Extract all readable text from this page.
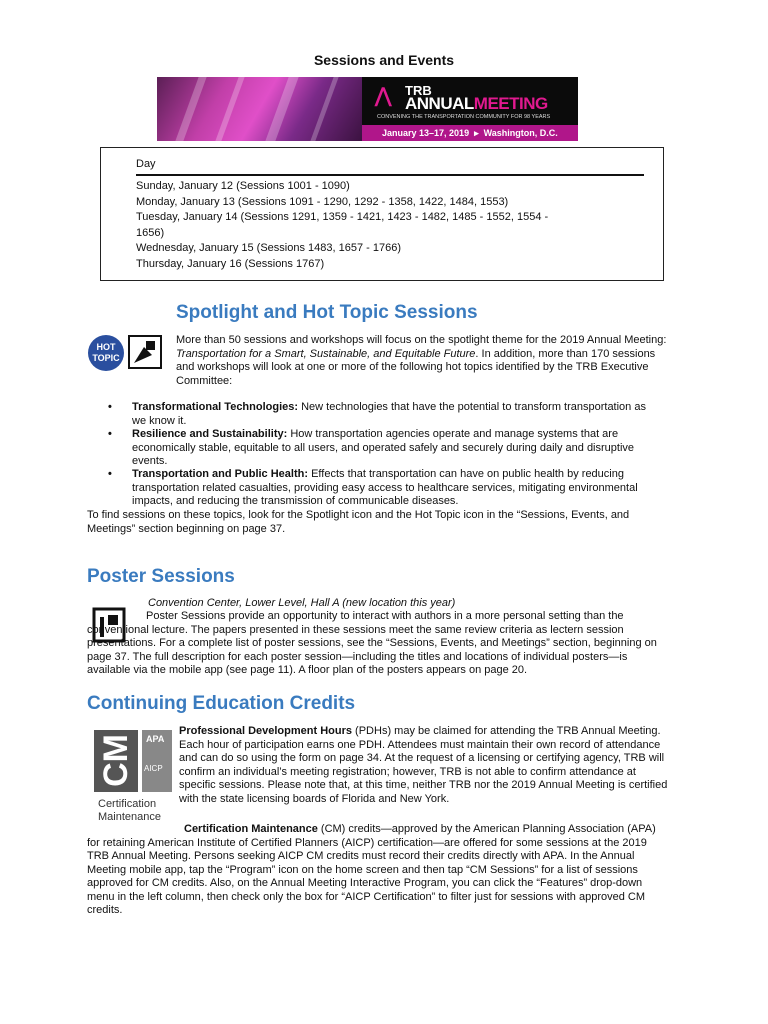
Sessions and Events
⋀ TRB
ANNUALMEETING
CONVENING THE TRANSPORTATION COMMUNITY FOR 98 YEARS
January 13–17, 2019 ▸ Washington, D.C.
Day
Sunday, January 12 (Sessions 1001 - 1090)
Monday, January 13 (Sessions 1091 - 1290, 1292 - 1358, 1422, 1484, 1553)
Tuesday, January 14 (Sessions 1291, 1359 - 1421, 1423 - 1482, 1485 - 1552, 1554 - 1656)
Wednesday, January 15 (Sessions 1483, 1657 - 1766)
Thursday, January 16 (Sessions 1767)
Spotlight and Hot Topic Sessions
HOT TOPIC
More than 50 sessions and workshops will focus on the spotlight theme for the 2019 Annual Meeting: Transportation for a Smart, Sustainable, and Equitable Future. In addition, more than 170 sessions and workshops will look at one or more of the following hot topics identified by the TRB Executive Committee:
• Transformational Technologies: New technologies that have the potential to transform transportation as we know it.
• Resilience and Sustainability: How transportation agencies operate and manage systems that are economically stable, equitable to all users, and operated safely and securely during daily and disruptive events.
• Transportation and Public Health: Effects that transportation can have on public health by reducing transportation related casualties, providing easy access to healthcare services, mitigating environmental impacts, and reducing the transmission of communicable diseases.
To find sessions on these topics, look for the Spotlight icon and the Hot Topic icon in the “Sessions, Events, and Meetings” section beginning on page 37.
Poster Sessions
Convention Center, Lower Level, Hall A (new location this year)
Poster Sessions provide an opportunity to interact with authors in a more personal setting than the conventional lecture. The papers presented in these sessions meet the same review criteria as lectern session presentations. For a complete list of poster sessions, see the “Sessions, Events, and Meetings” section, beginning on page 37. The full description for each poster session—including the titles and locations of individual posters—is available via the mobile app (see page 11). A floor plan of the posters appears on page 20.
Continuing Education Credits
CM APA
AICP
Certification
Maintenance
Professional Development Hours (PDHs) may be claimed for attending the TRB Annual Meeting. Each hour of participation earns one PDH. Attendees must maintain their own record of attendance and can do so using the form on page 34. At the request of a licensing or certifying agency, TRB will confirm an individual’s meeting registration; however, TRB is not able to confirm attendance at specific sessions. Please note that, at this time, neither TRB nor the 2019 Annual Meeting is certified with the state licensing boards of Florida and New York.
Certification Maintenance (CM) credits—approved by the American Planning Association (APA) for retaining American Institute of Certified Planners (AICP) certification—are offered for some sessions at the 2019 TRB Annual Meeting. Persons seeking AICP CM credits must record their credits directly with APA. In the Annual Meeting mobile app, tap the “Program” icon on the home screen and then tap “CM Sessions” for a list of sessions approved for CM credits. Also, on the Annual Meeting Interactive Program, you can click the “Features” drop-down menu in the left column, then check only the box for “AICP Certification” to filter just for sessions with approved CM credits.
